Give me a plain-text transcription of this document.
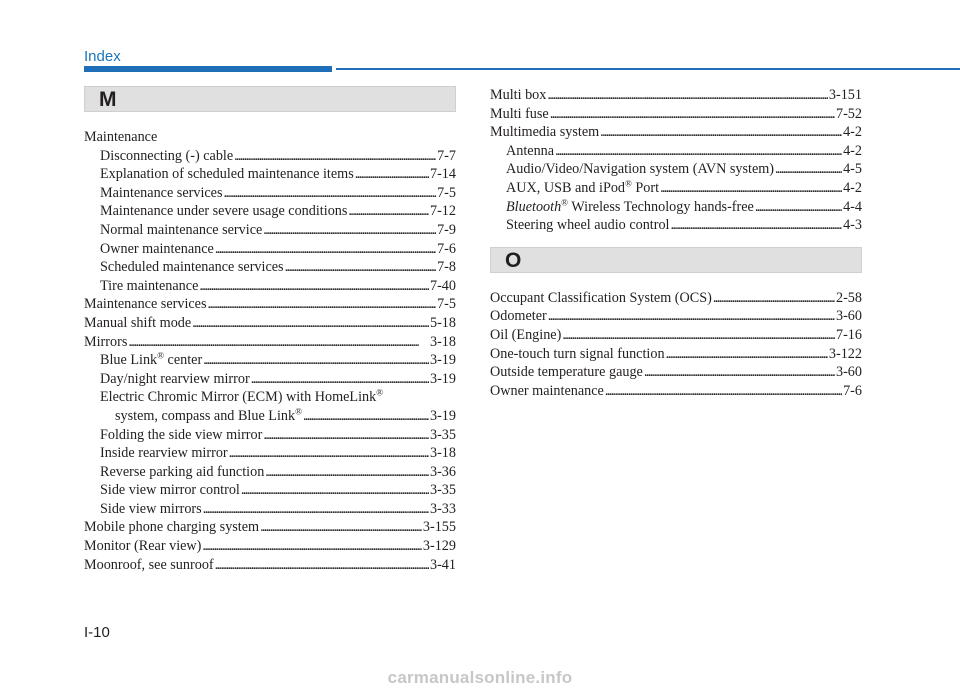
Index
M
Maintenance
Disconnecting (-) cable . . .	7-7
Explanation of scheduled maintenance items . . .	7-14
Maintenance services . . .	7-5
Maintenance under severe usage conditions . . .	7-12
Normal maintenance service . . .	7-9
Owner maintenance . . .	7-6
Scheduled maintenance services . . .	7-8
Tire maintenance . . .	7-40
Maintenance services . . .	7-5
Manual shift mode . . .	5-18
Mirrors . . .	3-18
Blue Link® center . . .	3-19
Day/night rearview mirror . . .	3-19
Electric Chromic Mirror (ECM) with HomeLink®
system, compass and Blue Link® . . .	3-19
Folding the side view mirror . . .	3-35
Inside rearview mirror . . .	3-18
Reverse parking aid function . . .	3-36
Side view mirror control . . .	3-35
Side view mirrors . . .	3-33
Mobile phone charging system . . .	3-155
Monitor (Rear view) . . .	3-129
Moonroof, see sunroof . . .	3-41
Multi box . . .	3-151
Multi fuse . . .	7-52
Multimedia system . . .	4-2
Antenna . . .	4-2
Audio/Video/Navigation system (AVN system) . . .	4-5
AUX, USB and iPod® Port . . .	4-2
Bluetooth® Wireless Technology hands-free . . .	4-4
Steering wheel audio control . . .	4-3
O
Occupant Classification System (OCS) . . .	2-58
Odometer . . .	3-60
Oil (Engine) . . .	7-16
One-touch turn signal function . . .	3-122
Outside temperature gauge . . .	3-60
Owner maintenance . . .	7-6
I-10
carmanualsonline.info
